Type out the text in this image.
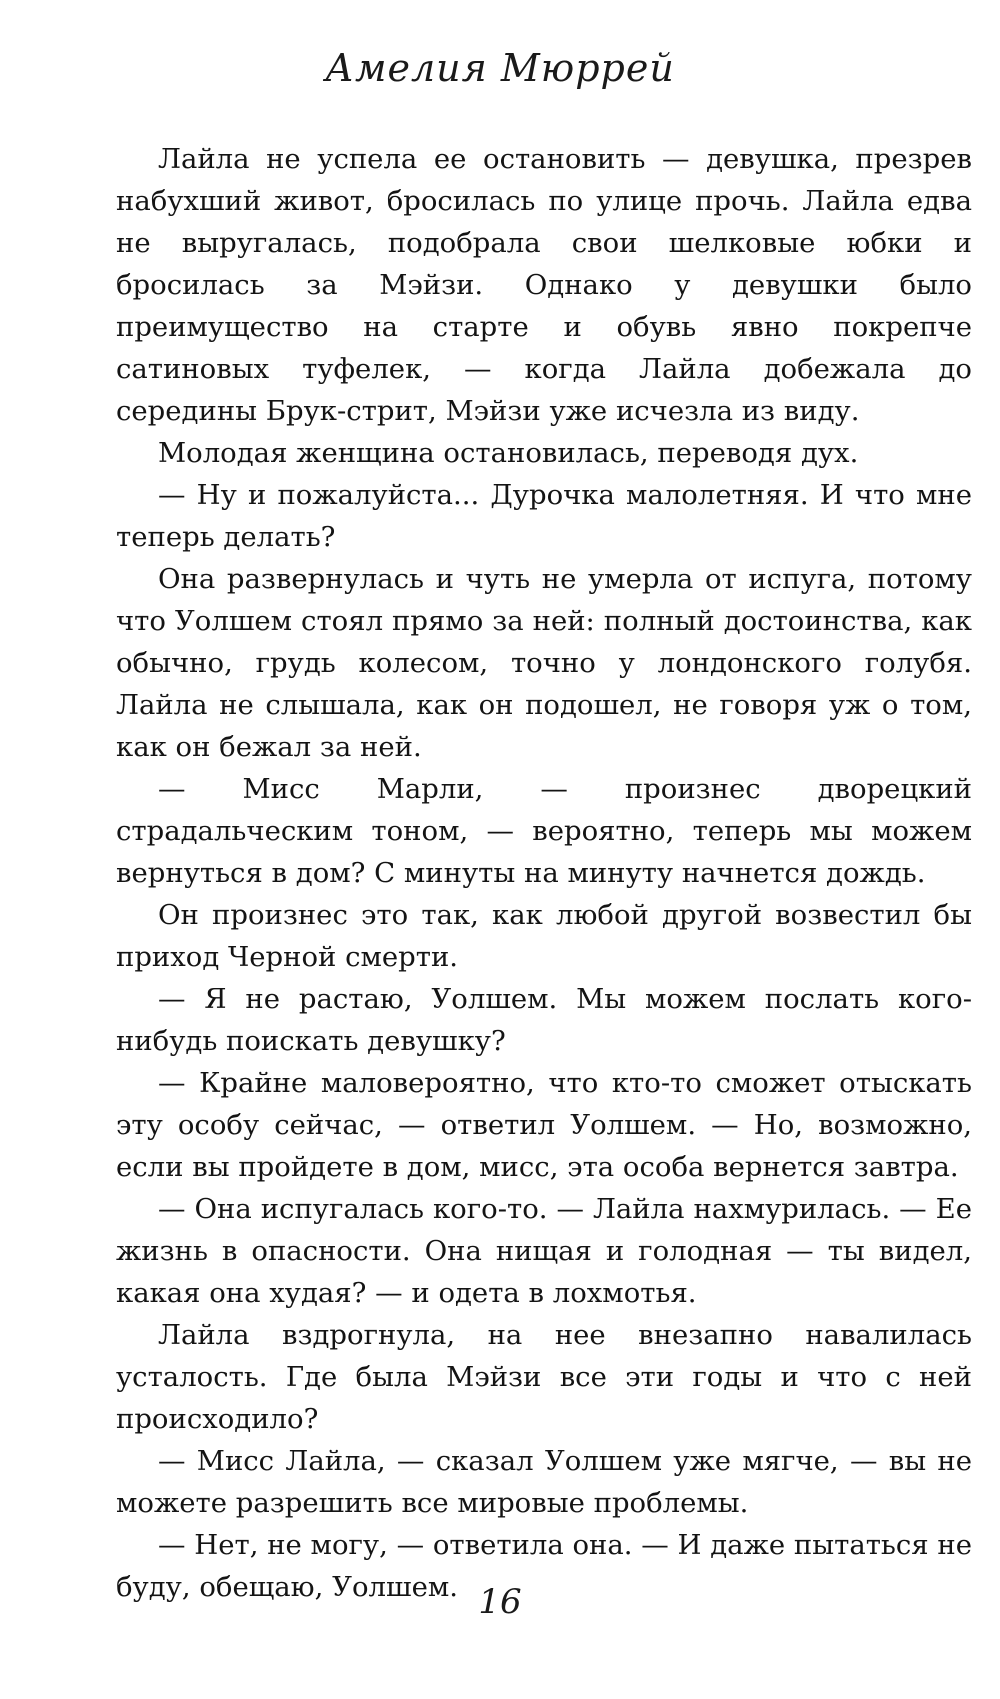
Амелия Мюррей

Лайла не успела ее остановить — девушка, презрев набухший живот, бросилась по улице прочь. Лайла едва не выругалась, подобрала свои шелковые юбки и бросилась за Мэйзи. Однако у девушки было преимущество на старте и обувь явно покрепче сатиновых туфелек, — когда Лайла добежала до середины Брук-стрит, Мэйзи уже исчезла из виду.

Молодая женщина остановилась, переводя дух.

— Ну и пожалуйста... Дурочка малолетняя. И что мне теперь делать?

Она развернулась и чуть не умерла от испуга, потому что Уолшем стоял прямо за ней: полный достоинства, как обычно, грудь колесом, точно у лондонского голубя. Лайла не слышала, как он подошел, не говоря уж о том, как он бежал за ней.

— Мисс Марли, — произнес дворецкий страдальческим тоном, — вероятно, теперь мы можем вернуться в дом? С минуты на минуту начнется дождь.

Он произнес это так, как любой другой возвестил бы приход Черной смерти.

— Я не растаю, Уолшем. Мы можем послать кого-нибудь поискать девушку?

— Крайне маловероятно, что кто-то сможет отыскать эту особу сейчас, — ответил Уолшем. — Но, возможно, если вы пройдете в дом, мисс, эта особа вернется завтра.

— Она испугалась кого-то. — Лайла нахмурилась. — Ее жизнь в опасности. Она нищая и голодная — ты видел, какая она худая? — и одета в лохмотья.

Лайла вздрогнула, на нее внезапно навалилась усталость. Где была Мэйзи все эти годы и что с ней происходило?

— Мисс Лайла, — сказал Уолшем уже мягче, — вы не можете разрешить все мировые проблемы.

— Нет, не могу, — ответила она. — И даже пытаться не буду, обещаю, Уолшем. 16
